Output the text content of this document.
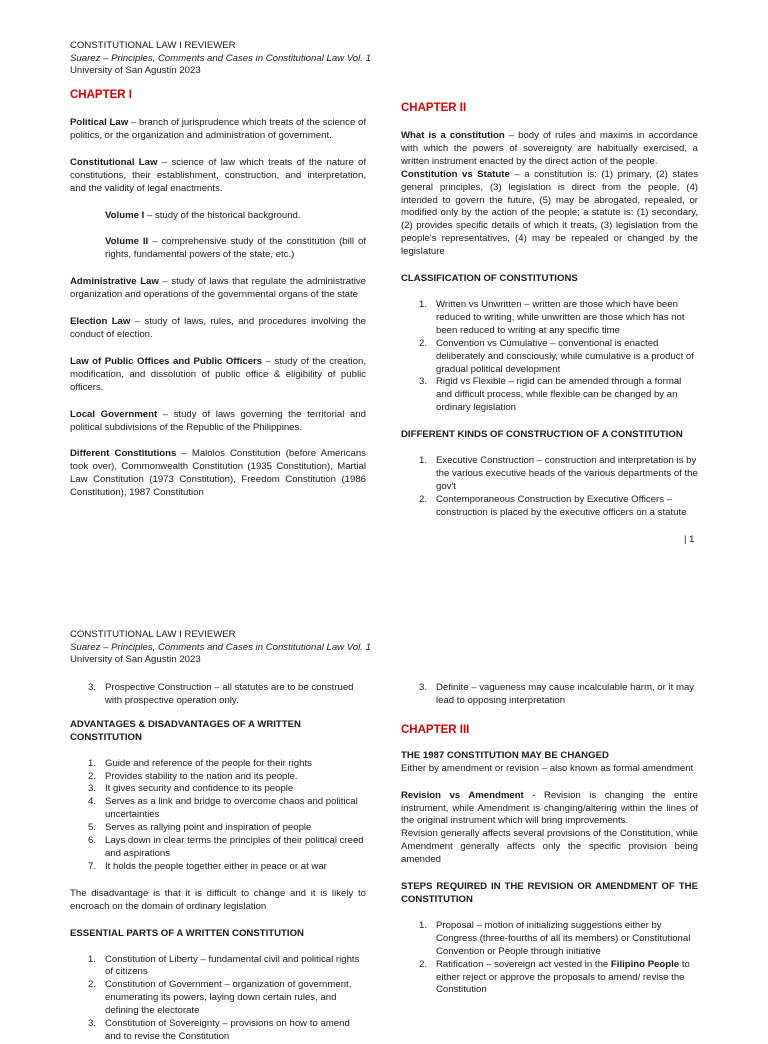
CONSTITUTIONAL LAW I REVIEWER
Suarez – Principles, Comments and Cases in Constitutional Law Vol. 1
University of San Agustin 2023
CHAPTER I

Political Law – branch of jurisprudence which treats of the science of politics, or the organization and administration of government.

Constitutional Law – science of law which treats of the nature of constitutions, their establishment, construction, and interpretation, and the validity of legal enactments.

Volume I – study of the historical background.

Volume II – comprehensive study of the constitution (bill of rights, fundamental powers of the state, etc.)

Administrative Law – study of laws that regulate the administrative organization and operations of the governmental organs of the state

Election Law – study of laws, rules, and procedures involving the conduct of election.

Law of Public Offices and Public Officers – study of the creation, modification, and dissolution of public office & eligibility of public officers.

Local Government – study of laws governing the territorial and political subdivisions of the Republic of the Philippines.

Different Constitutions – Malolos Constitution (before Americans took over), Commonwealth Constitution (1935 Constitution), Martial Law Constitution (1973 Constitution), Freedom Constitution (1986 Constitution), 1987 Constitution

CHAPTER II

What is a constitution – body of rules and maxims in accordance with which the powers of sovereignty are habitually exercised, a written instrument enacted by the direct action of the people.

Constitution vs Statute – a constitution is: (1) primary, (2) states general principles, (3) legislation is direct from the people, (4) intended to govern the future, (5) may be abrogated, repealed, or modified only by the action of the people; a statute is: (1) secondary, (2) provides specific details of which it treats, (3) legislation from the people's representatives, (4) may be repealed or changed by the legislature

CLASSIFICATION OF CONSTITUTIONS
1. Written vs Unwritten – written are those which have been reduced to writing, while unwritten are those which has not been reduced to writing at any specific time
2. Convention vs Cumulative – conventional is enacted deliberately and consciously, while cumulative is a product of gradual political development
3. Rigid vs Flexible – rigid can be amended through a formal and difficult process, while flexible can be changed by an ordinary legislation
DIFFERENT KINDS OF CONSTRUCTION OF A CONSTITUTION
1. Executive Construction – construction and interpretation is by the various executive heads of the various departments of the gov't
2. Contemporaneous Construction by Executive Officers – construction is placed by the executive officers on a statute
| 1
CONSTITUTIONAL LAW I REVIEWER
Suarez – Principles, Comments and Cases in Constitutional Law Vol. 1
University of San Agustin 2023
3. Prospective Construction – all statutes are to be construed with prospective operation only.
ADVANTAGES & DISADVANTAGES OF A WRITTEN CONSTITUTION
1. Guide and reference of the people for their rights
2. Provides stability to the nation and its people.
3. It gives security and confidence to its people
4. Serves as a link and bridge to overcome chaos and political uncertainties
5. Serves as rallying point and inspiration of people
6. Lays down in clear terms the principles of their political creed and aspirations
7. It holds the people together either in peace or at war

The disadvantage is that it is difficult to change and it is likely to encroach on the domain of ordinary legislation

ESSENTIAL PARTS OF A WRITTEN CONSTITUTION
1. Constitution of Liberty – fundamental civil and political rights of citizens
2. Constitution of Government – organization of government, enumerating its powers, laying down certain rules, and defining the electorate
3. Constitution of Sovereignty – provisions on how to amend and to revise the Constitution
3. Definite – vagueness may cause incalculable harm, or it may lead to opposing interpretation
CHAPTER III
THE 1987 CONSTITUTION MAY BE CHANGED

Either by amendment or revision – also known as formal amendment

Revision vs Amendment - Revision is changing the entire instrument, while Amendment is changing/altering within the lines of the original instrument which will bring improvements.

Revision generally affects several provisions of the Constitution, while Amendment generally affects only the specific provision being amended

STEPS REQUIRED IN THE REVISION OR AMENDMENT OF THE CONSTITUTION
1. Proposal – motion of initializing suggestions either by Congress (three-fourths of all its members) or Constitutional Convention or People through initiative
2. Ratification – sovereign act vested in the Filipino People to either reject or approve the proposals to amend/ revise the Constitution
